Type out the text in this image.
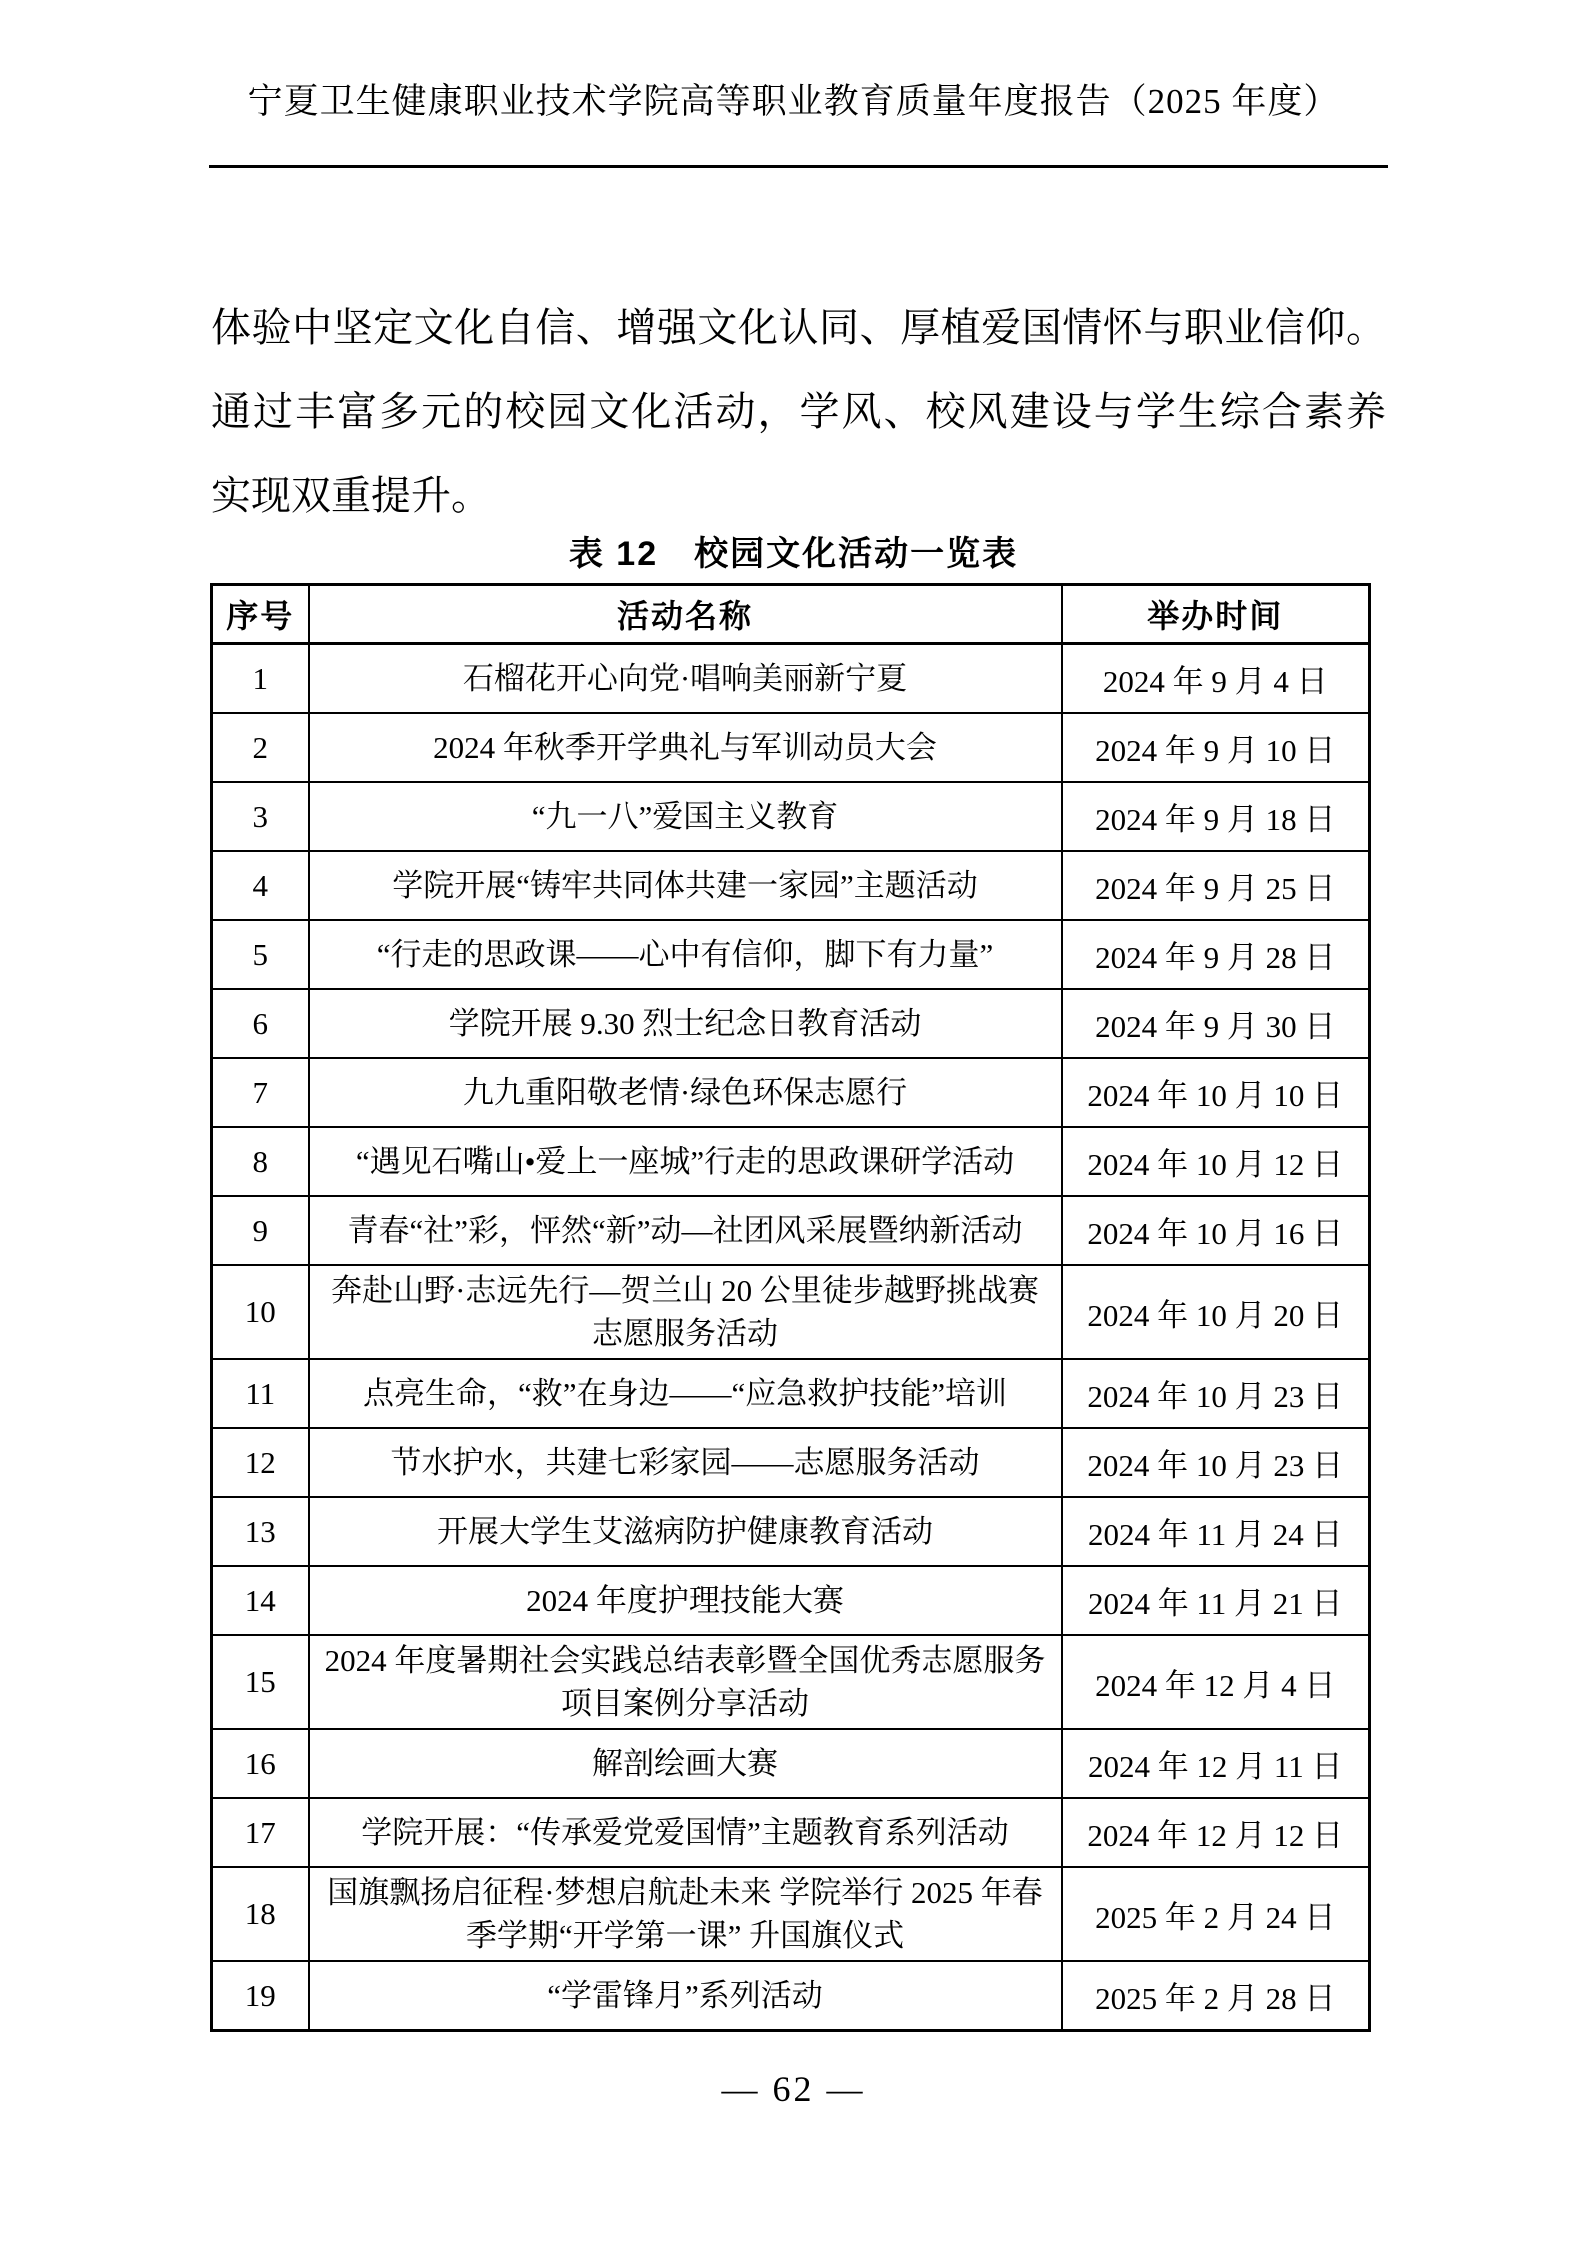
宁夏卫生健康职业技术学院高等职业教育质量年度报告（2025 年度）
体验中坚定文化自信、增强文化认同、厚植爱国情怀与职业信仰。
通过丰富多元的校园文化活动，学风、校风建设与学生综合素养
实现双重提升。
表 12　校园文化活动一览表
序号	活动名称	举办时间
1	石榴花开心向党·唱响美丽新宁夏	2024 年 9 月 4 日
2	2024 年秋季开学典礼与军训动员大会	2024 年 9 月 10 日
3	“九一八”爱国主义教育	2024 年 9 月 18 日
4	学院开展“铸牢共同体共建一家园”主题活动	2024 年 9 月 25 日
5	“行走的思政课——心中有信仰，脚下有力量”	2024 年 9 月 28 日
6	学院开展 9.30 烈士纪念日教育活动	2024 年 9 月 30 日
7	九九重阳敬老情·绿色环保志愿行	2024 年 10 月 10 日
8	“遇见石嘴山•爱上一座城”行走的思政课研学活动	2024 年 10 月 12 日
9	青春“社”彩，怦然“新”动—社团风采展暨纳新活动	2024 年 10 月 16 日
10	奔赴山野·志远先行—贺兰山 20 公里徒步越野挑战赛志愿服务活动	2024 年 10 月 20 日
11	点亮生命，“救”在身边——“应急救护技能”培训	2024 年 10 月 23 日
12	节水护水，共建七彩家园——志愿服务活动	2024 年 10 月 23 日
13	开展大学生艾滋病防护健康教育活动	2024 年 11 月 24 日
14	2024 年度护理技能大赛	2024 年 11 月 21 日
15	2024 年度暑期社会实践总结表彰暨全国优秀志愿服务项目案例分享活动	2024 年 12 月 4 日
16	解剖绘画大赛	2024 年 12 月 11 日
17	学院开展：“传承爱党爱国情”主题教育系列活动	2024 年 12 月 12 日
18	国旗飘扬启征程·梦想启航赴未来 学院举行 2025 年春季学期“开学第一课” 升国旗仪式	2025 年 2 月 24 日
19	“学雷锋月”系列活动	2025 年 2 月 28 日
— 62 —
